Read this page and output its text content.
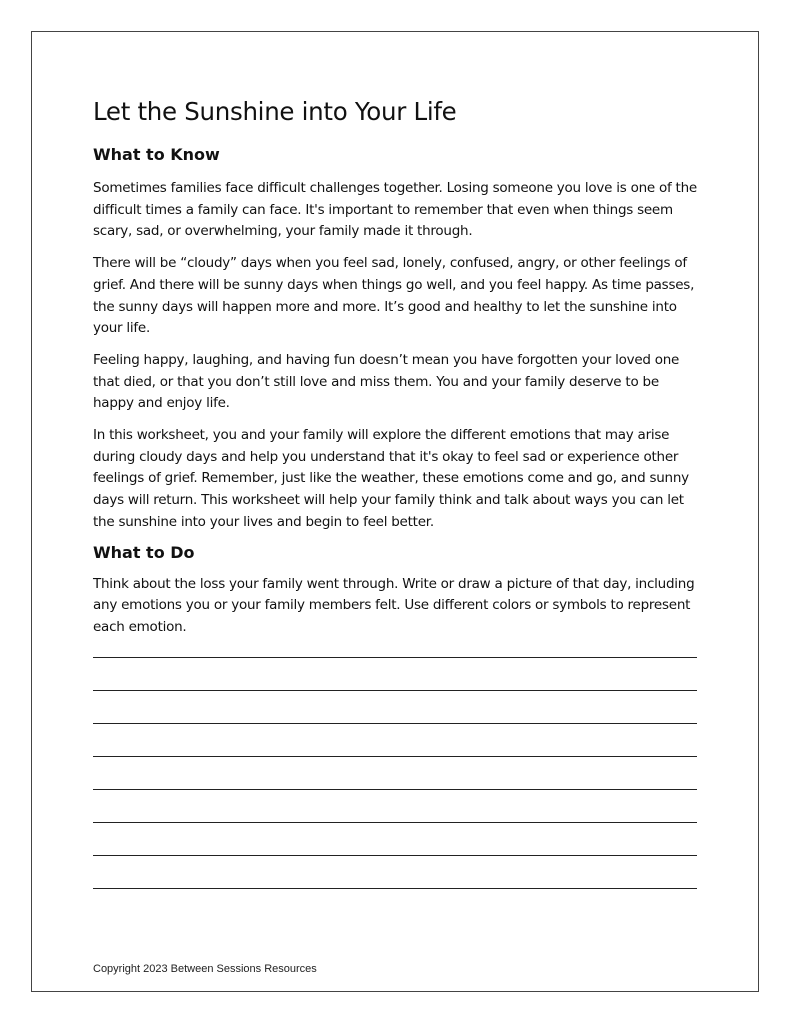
Let the Sunshine into Your Life
What to Know

Sometimes families face difficult challenges together. Losing someone you love is one of the difficult times a family can face. It's important to remember that even when things seem scary, sad, or overwhelming, your family made it through.

There will be “cloudy” days when you feel sad, lonely, confused, angry, or other feelings of grief. And there will be sunny days when things go well, and you feel happy. As time passes, the sunny days will happen more and more. It’s good and healthy to let the sunshine into your life.

Feeling happy, laughing, and having fun doesn’t mean you have forgotten your loved one that died, or that you don’t still love and miss them. You and your family deserve to be happy and enjoy life.

In this worksheet, you and your family will explore the different emotions that may arise during cloudy days and help you understand that it's okay to feel sad or experience other feelings of grief. Remember, just like the weather, these emotions come and go, and sunny days will return. This worksheet will help your family think and talk about ways you can let the sunshine into your lives and begin to feel better.

What to Do

Think about the loss your family went through. Write or draw a picture of that day, including any emotions you or your family members felt. Use different colors or symbols to represent each emotion.

Copyright 2023 Between Sessions Resources
